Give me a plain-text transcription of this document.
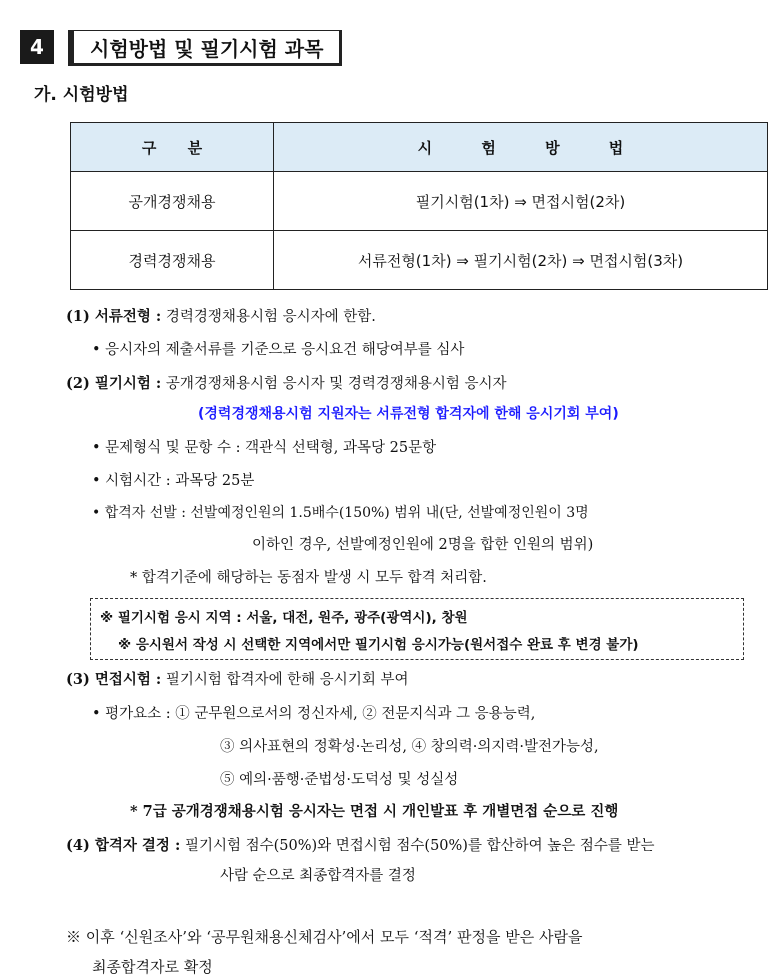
4	시험방법 및 필기시험 과목
가. 시험방법
구 분	시 험 방 법
공개경쟁채용	필기시험(1차) ⇒ 면접시험(2차)
경력경쟁채용	서류전형(1차) ⇒ 필기시험(2차) ⇒ 면접시험(3차)
(1) 서류전형 : 경력경쟁채용시험 응시자에 한함.
• 응시자의 제출서류를 기준으로 응시요건 해당여부를 심사
(2) 필기시험 : 공개경쟁채용시험 응시자 및 경력경쟁채용시험 응시자
(경력경쟁채용시험 지원자는 서류전형 합격자에 한해 응시기회 부여)
• 문제형식 및 문항 수 : 객관식 선택형, 과목당 25문항
• 시험시간 : 과목당 25분
• 합격자 선발 : 선발예정인원의 1.5배수(150%) 범위 내(단, 선발예정인원이 3명
이하인 경우, 선발예정인원에 2명을 합한 인원의 범위)
* 합격기준에 해당하는 동점자 발생 시 모두 합격 처리함.
※ 필기시험 응시 지역 : 서울, 대전, 원주, 광주(광역시), 창원
※ 응시원서 작성 시 선택한 지역에서만 필기시험 응시가능(원서접수 완료 후 변경 불가)
(3) 면접시험 : 필기시험 합격자에 한해 응시기회 부여
• 평가요소 : ① 군무원으로서의 정신자세, ② 전문지식과 그 응용능력,
③ 의사표현의 정확성·논리성, ④ 창의력·의지력·발전가능성,
⑤ 예의·품행·준법성·도덕성 및 성실성
* 7급 공개경쟁채용시험 응시자는 면접 시 개인발표 후 개별면접 순으로 진행
(4) 합격자 결정 : 필기시험 점수(50%)와 면접시험 점수(50%)를 합산하여 높은 점수를 받는
사람 순으로 최종합격자를 결정
※ 이후 ‘신원조사’와 ‘공무원채용신체검사’에서 모두 ‘적격’ 판정을 받은 사람을
최종합격자로 확정
